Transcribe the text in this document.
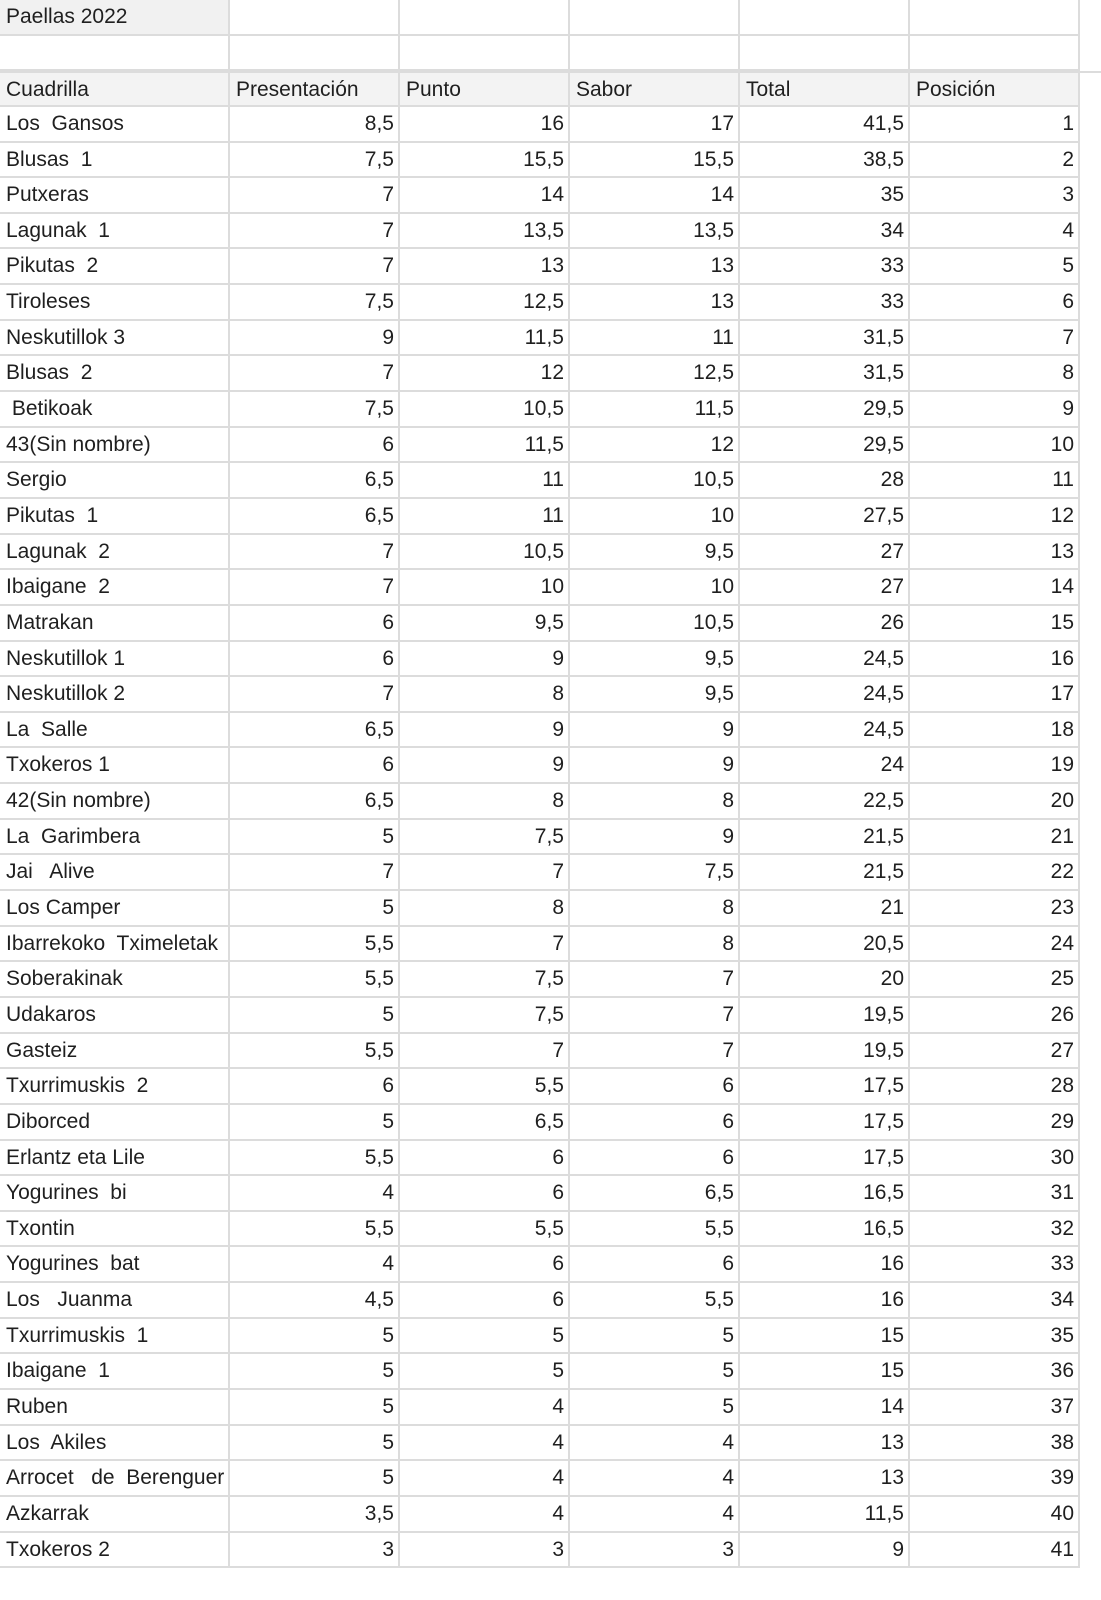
Paellas 2022
Cuadrilla	Presentación	Punto	Sabor	Total	Posición
Los  Gansos	8,5	16	17	41,5	1
Blusas  1	7,5	15,5	15,5	38,5	2
Putxeras	7	14	14	35	3
Lagunak  1	7	13,5	13,5	34	4
Pikutas  2	7	13	13	33	5
Tiroleses	7,5	12,5	13	33	6
Neskutillok 3	9	11,5	11	31,5	7
Blusas  2	7	12	12,5	31,5	8
Betikoak	7,5	10,5	11,5	29,5	9
43(Sin nombre)	6	11,5	12	29,5	10
Sergio	6,5	11	10,5	28	11
Pikutas  1	6,5	11	10	27,5	12
Lagunak  2	7	10,5	9,5	27	13
Ibaigane  2	7	10	10	27	14
Matrakan	6	9,5	10,5	26	15
Neskutillok 1	6	9	9,5	24,5	16
Neskutillok 2	7	8	9,5	24,5	17
La  Salle	6,5	9	9	24,5	18
Txokeros 1	6	9	9	24	19
42(Sin nombre)	6,5	8	8	22,5	20
La  Garimbera	5	7,5	9	21,5	21
Jai   Alive	7	7	7,5	21,5	22
Los Camper	5	8	8	21	23
Ibarrekoko  Tximeletak	5,5	7	8	20,5	24
Soberakinak	5,5	7,5	7	20	25
Udakaros	5	7,5	7	19,5	26
Gasteiz	5,5	7	7	19,5	27
Txurrimuskis  2	6	5,5	6	17,5	28
Diborced	5	6,5	6	17,5	29
Erlantz eta Lile	5,5	6	6	17,5	30
Yogurines  bi	4	6	6,5	16,5	31
Txontin	5,5	5,5	5,5	16,5	32
Yogurines  bat	4	6	6	16	33
Los   Juanma	4,5	6	5,5	16	34
Txurrimuskis  1	5	5	5	15	35
Ibaigane  1	5	5	5	15	36
Ruben	5	4	5	14	37
Los  Akiles	5	4	4	13	38
Arrocet   de  Berenguer	5	4	4	13	39
Azkarrak	3,5	4	4	11,5	40
Txokeros 2	3	3	3	9	41
